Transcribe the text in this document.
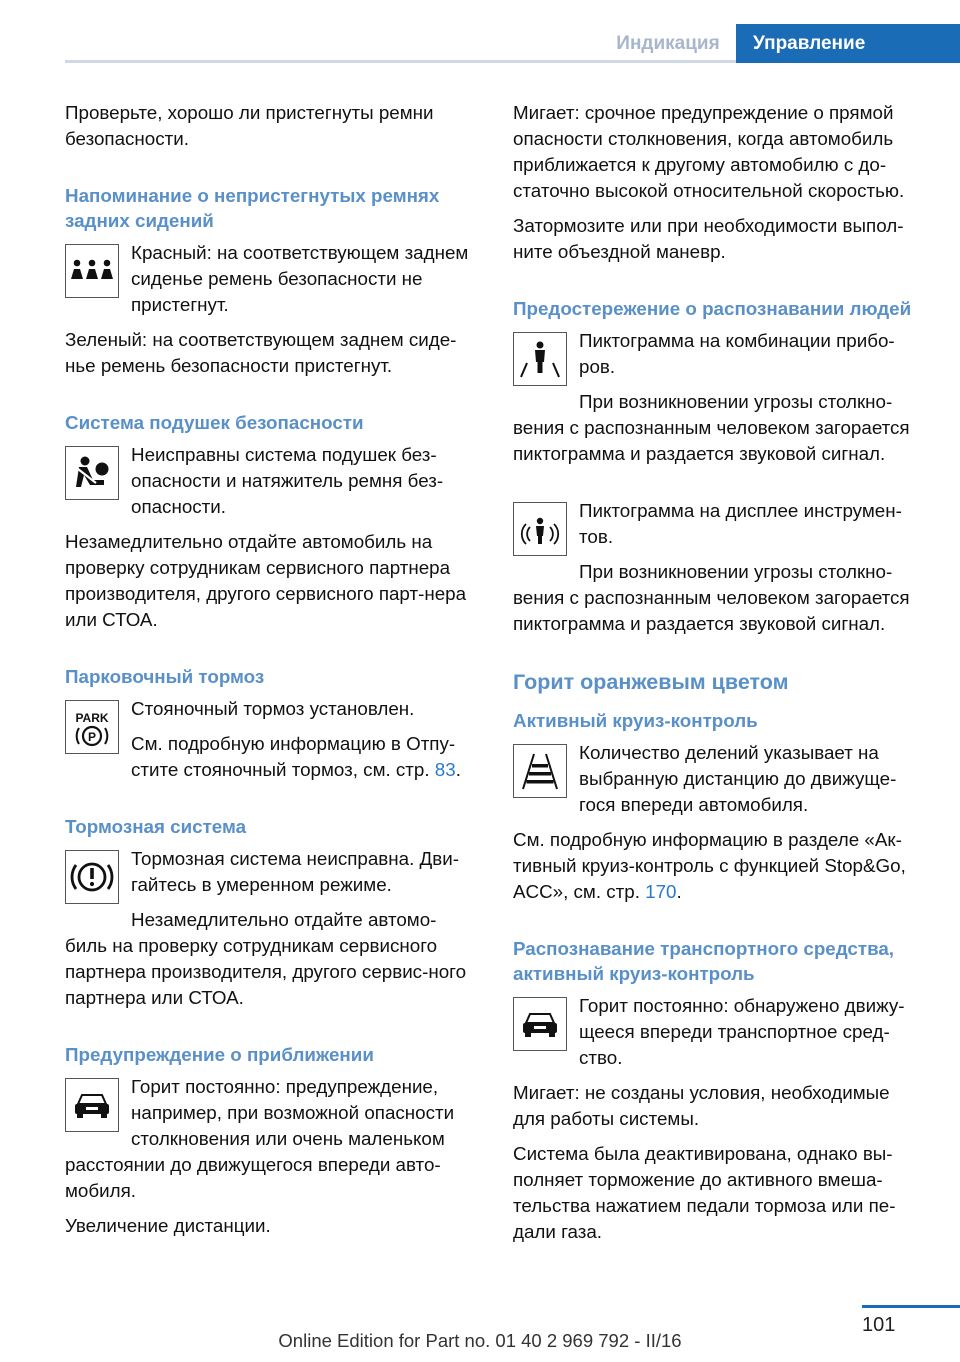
Индикация	Управление

Проверьте, хорошо ли пристегнуты ремни безопасности.

Напоминание о непристегнутых ремнях задних сидений

Красный: на соответствующем заднем сиденье ремень безопасности не пристегнут.

Зеленый: на соответствующем заднем сиде‐нье ремень безопасности пристегнут.

Система подушек безопасности

Неисправны система подушек без‐опасности и натяжитель ремня без‐опасности.

Незамедлительно отдайте автомобиль на проверку сотрудникам сервисного партнера производителя, другого сервисного парт‐нера или СТОА.

Парковочный тормоз
PARK
P

Стояночный тормоз установлен.

См. подробную информацию в Отпу‐стите стояночный тормоз, см. стр. 83.

Тормозная система

Тормозная система неисправна. Дви‐гайтесь в умеренном режиме.

Незамедлительно отдайте автомо‐биль на проверку сотрудникам сервисного партнера производителя, другого сервис‐ного партнера или СТОА.

Предупреждение о приближении

Горит постоянно: предупреждение, например, при возможной опасности столкновения или очень маленьком расстоянии до движущегося впереди авто‐мобиля.

Увеличение дистанции.

Мигает: срочное предупреждение о прямой опасности столкновения, когда автомобиль приближается к другому автомобилю с до‐статочно высокой относительной скоростью.

Затормозите или при необходимости выпол‐ните объездной маневр.

Предостережение о распознавании людей

Пиктограмма на комбинации прибо‐ров.

При возникновении угрозы столкно‐вения с распознанным человеком загорается пиктограмма и раздается звуковой сигнал.

Пиктограмма на дисплее инструмен‐тов.

При возникновении угрозы столкно‐вения с распознанным человеком загорается пиктограмма и раздается звуковой сигнал.

Горит оранжевым цветом
Активный круиз-контроль

Количество делений указывает на выбранную дистанцию до движуще‐гося впереди автомобиля.

См. подробную информацию в разделе «Ак‐тивный круиз-контроль с функцией Stop&Go, ACC», см. стр. 170.

Распознавание транспортного средства, активный круиз-контроль

Горит постоянно: обнаружено движу‐щееся впереди транспортное сред‐ство.

Мигает: не созданы условия, необходимые для работы системы.

Система была деактивирована, однако вы‐полняет торможение до активного вмеша‐тельства нажатием педали тормоза или пе‐дали газа.

101
Online Edition for Part no. 01 40 2 969 792 - II/16
